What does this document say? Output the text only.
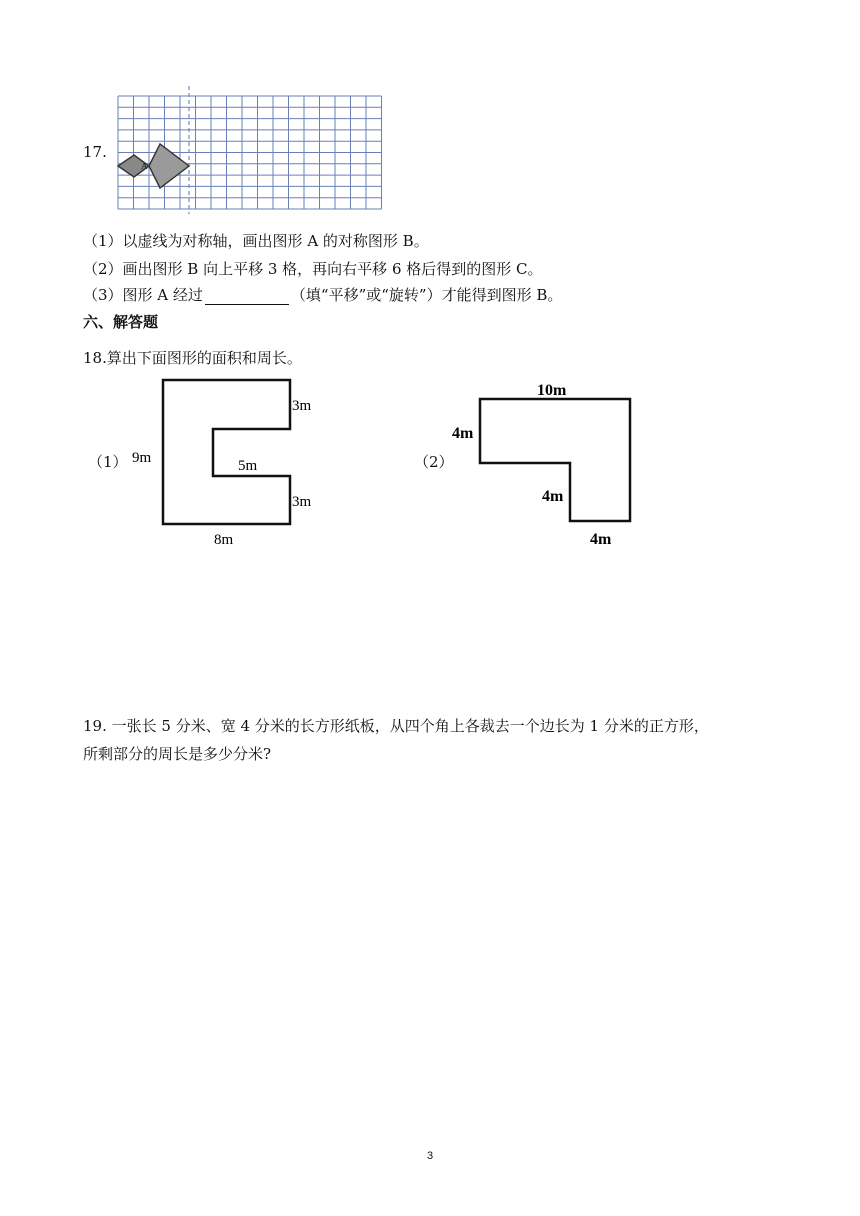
17.
A
（1）以虚线为对称轴，画出图形 A 的对称图形 B。
（2）画出图形 B 向上平移 3 格，再向右平移 6 格后得到的图形 C。
（3）图形 A 经过	（填“平移”或“旋转”）才能得到图形 B。
六、解答题
18.算出下面图形的面积和周长。
（1） 9m
3m
5m
3m
8m
（2）
10m
4m
4m
4m
19. 一张长 5 分米、宽 4 分米的长方形纸板，从四个角上各裁去一个边长为 1 分米的正方形，
所剩部分的周长是多少分米?
3
